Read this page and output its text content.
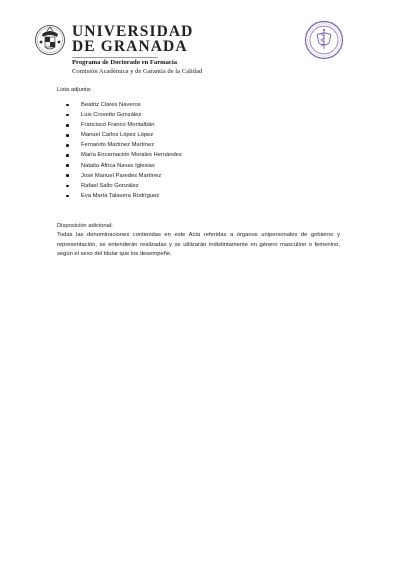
UNIVERSIDAD
DE GRANADA
Programa de Doctorado en Farmacia
Comisión Académica y de Garantía de la Calidad
Lista adjunta:
Beatriz Clares Naveros
Luis Crovetto González
Francisco Franco Montalbán
Manuel Carlos López López
Fernando Martínez Martínez
María Encarnación Morales Hernández
Natalia África Navas Iglesias
José Manuel Paredes Martínez
Rafael Salto González
Eva María Talavera Rodríguez
Disposición adicional:
Todas las denominaciones contenidas en este Acta referidas a órganos unipersonales de gobierno y representación, se entenderán realizadas y se utilizarán indistintamente en género masculino o femenino, según el sexo del titular que los desempeñe.
